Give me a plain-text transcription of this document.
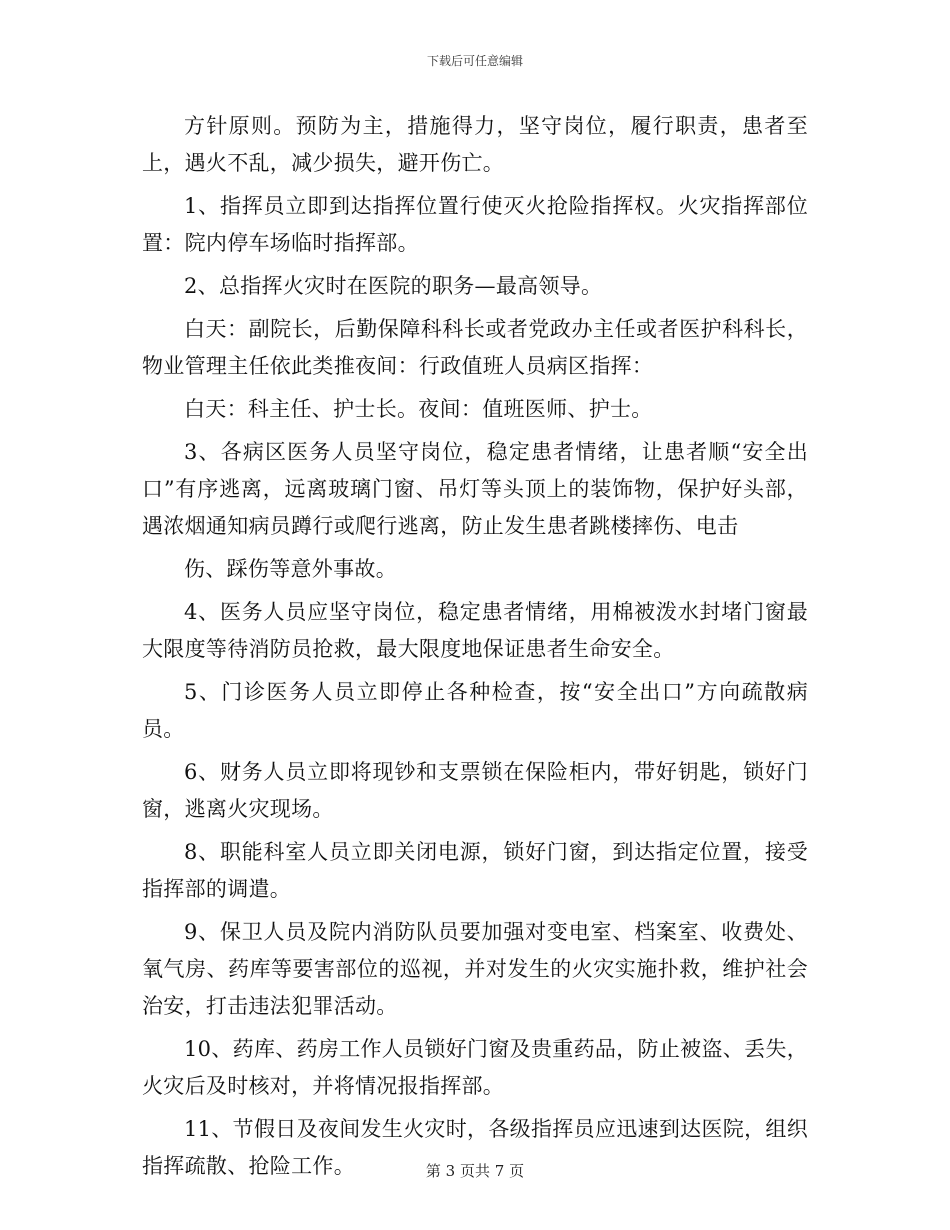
下载后可任意编辑

方针原则。预防为主，措施得力，坚守岗位，履行职责，患者至上，遇火不乱，减少损失，避开伤亡。

1、指挥员立即到达指挥位置行使灭火抢险指挥权。火灾指挥部位置：院内停车场临时指挥部。

2、总指挥火灾时在医院的职务—最高领导。

白天：副院长，后勤保障科科长或者党政办主任或者医护科科长，物业管理主任依此类推夜间：行政值班人员病区指挥：

白天：科主任、护士长。夜间：值班医师、护士。

3、各病区医务人员坚守岗位，稳定患者情绪，让患者顺“安全出口”有序逃离，远离玻璃门窗、吊灯等头顶上的装饰物，保护好头部，遇浓烟通知病员蹲行或爬行逃离，防止发生患者跳楼摔伤、电击

伤、踩伤等意外事故。

4、医务人员应坚守岗位，稳定患者情绪，用棉被泼水封堵门窗最大限度等待消防员抢救，最大限度地保证患者生命安全。

5、门诊医务人员立即停止各种检查，按“安全出口”方向疏散病员。

6、财务人员立即将现钞和支票锁在保险柜内，带好钥匙，锁好门窗，逃离火灾现场。

8、职能科室人员立即关闭电源，锁好门窗，到达指定位置，接受指挥部的调遣。

9、保卫人员及院内消防队员要加强对变电室、档案室、收费处、氧气房、药库等要害部位的巡视，并对发生的火灾实施扑救，维护社会治安，打击违法犯罪活动。

10、药库、药房工作人员锁好门窗及贵重药品，防止被盗、丢失，火灾后及时核对，并将情况报指挥部。

11、节假日及夜间发生火灾时，各级指挥员应迅速到达医院，组织指挥疏散、抢险工作。	第 3 页共 7 页
